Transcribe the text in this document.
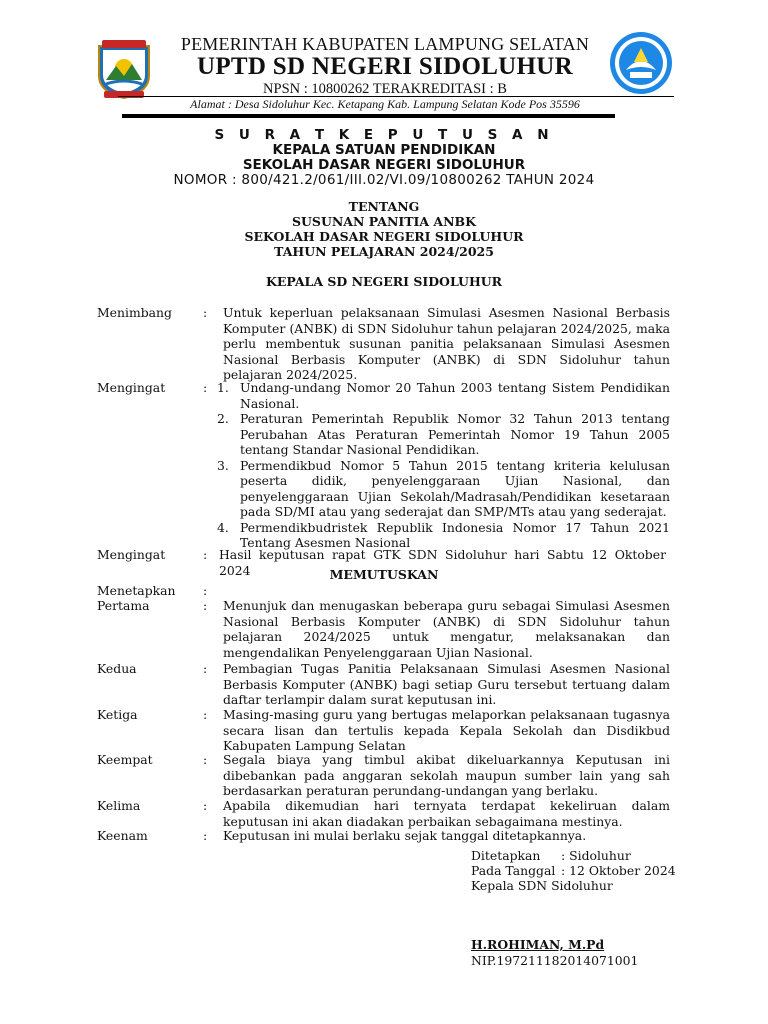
PEMERINTAH KABUPATEN LAMPUNG SELATAN
UPTD SD NEGERI SIDOLUHUR
NPSN : 10800262 TERAKREDITASI : B
Alamat : Desa Sidoluhur Kec. Ketapang Kab. Lampung Selatan Kode Pos 35596
S U R A T K E P U T U S A N
KEPALA SATUAN PENDIDIKAN
SEKOLAH DASAR NEGERI SIDOLUHUR
NOMOR : 800/421.2/061/III.02/VI.09/10800262 TAHUN 2024
TENTANG
SUSUNAN PANITIA ANBK
SEKOLAH DASAR NEGERI SIDOLUHUR
TAHUN PELAJARAN 2024/2025
KEPALA SD NEGERI SIDOLUHUR
Menimbang	:	Untuk keperluan pelaksanaan Simulasi Asesmen Nasional Berbasis Komputer (ANBK) di SDN Sidoluhur tahun pelajaran 2024/2025, maka perlu membentuk susunan panitia pelaksanaan Simulasi Asesmen Nasional Berbasis Komputer (ANBK) di SDN Sidoluhur tahun pelajaran 2024/2025.
Mengingat	: 1. Undang-undang Nomor 20 Tahun 2003 tentang Sistem Pendidikan Nasional.
2. Peraturan Pemerintah Republik Nomor 32 Tahun 2013 tentang Perubahan Atas Peraturan Pemerintah Nomor 19 Tahun 2005 tentang Standar Nasional Pendidikan.
3. Permendikbud Nomor 5 Tahun 2015 tentang kriteria kelulusan peserta didik, penyelenggaraan Ujian Nasional, dan penyelenggaraan Ujian Sekolah/Madrasah/Pendidikan kesetaraan pada SD/MI atau yang sederajat dan SMP/MTs atau yang sederajat.
4. Permendikbudristek Republik Indonesia Nomor 17 Tahun 2021 Tentang Asesmen Nasional
Mengingat	: Hasil keputusan rapat GTK SDN Sidoluhur hari Sabtu 12 Oktober 2024	MEMUTUSKAN
Menetapkan	:
Pertama	:	Menunjuk dan menugaskan beberapa guru sebagai Simulasi Asesmen Nasional Berbasis Komputer (ANBK) di SDN Sidoluhur tahun pelajaran 2024/2025 untuk mengatur, melaksanakan dan mengendalikan Penyelenggaraan Ujian Nasional.
Kedua	:	Pembagian Tugas Panitia Pelaksanaan Simulasi Asesmen Nasional Berbasis Komputer (ANBK) bagi setiap Guru tersebut tertuang dalam daftar terlampir dalam surat keputusan ini.
Ketiga	:	Masing-masing guru yang bertugas melaporkan pelaksanaan tugasnya secara lisan dan tertulis kepada Kepala Sekolah dan Disdikbud Kabupaten Lampung Selatan
Keempat	:	Segala biaya yang timbul akibat dikeluarkannya Keputusan ini dibebankan pada anggaran sekolah maupun sumber lain yang sah berdasarkan peraturan perundang-undangan yang berlaku.
Kelima	:	Apabila dikemudian hari ternyata terdapat kekeliruan dalam keputusan ini akan diadakan perbaikan sebagaimana mestinya.
Keenam	:	Keputusan ini mulai berlaku sejak tanggal ditetapkannya.
Ditetapkan : Sidoluhur
Pada Tanggal : 12 Oktober 2024
Kepala SDN Sidoluhur
H.ROHIMAN, M.Pd
NIP.197211182014071001
